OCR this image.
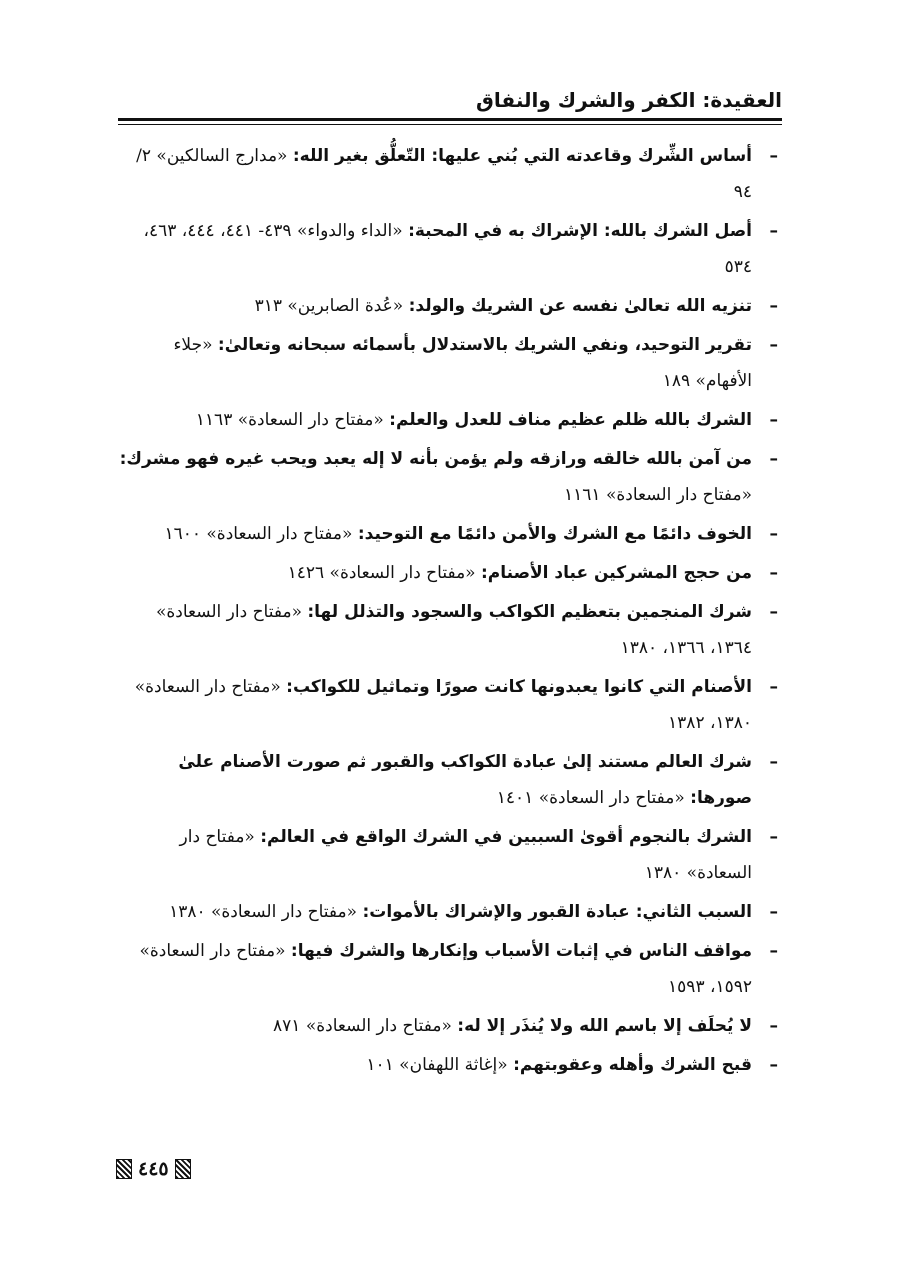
العقيدة: الكفر والشرك والنفاق
–
أساس الشِّرك وقاعدته التي بُني عليها: التّعلُّق بغير الله: «مدارج السالكين» ٢/ ٩٤
–
أصل الشرك بالله: الإشراك به في المحبة: «الداء والدواء» ٤٣٩- ٤٤١، ٤٤٤، ٤٦٣، ٥٣٤
–
تنزيه الله تعالىٰ نفسه عن الشريك والولد: «عُدة الصابرين» ٣١٣
–
تقرير التوحيد، ونفي الشريك بالاستدلال بأسمائه سبحانه وتعالىٰ: «جلاء الأفهام» ١٨٩
–
الشرك بالله ظلم عظيم مناف للعدل والعلم: «مفتاح دار السعادة» ١١٦٣
–
من آمن بالله خالقه ورازقه ولم يؤمن بأنه لا إله يعبد ويحب غيره فهو مشرك: «مفتاح دار السعادة» ١١٦١
–
الخوف دائمًا مع الشرك والأمن دائمًا مع التوحيد: «مفتاح دار السعادة» ١٦٠٠
–
من حجج المشركين عباد الأصنام: «مفتاح دار السعادة» ١٤٢٦
–
شرك المنجمين بتعظيم الكواكب والسجود والتذلل لها: «مفتاح دار السعادة» ١٣٦٤، ١٣٦٦، ١٣٨٠
–
الأصنام التي كانوا يعبدونها كانت صورًا وتماثيل للكواكب: «مفتاح دار السعادة» ١٣٨٠، ١٣٨٢
–
شرك العالم مستند إلىٰ عبادة الكواكب والقبور ثم صورت الأصنام علىٰ صورها: «مفتاح دار السعادة» ١٤٠١
–
الشرك بالنجوم أقوىٰ السببين في الشرك الواقع في العالم: «مفتاح دار السعادة» ١٣٨٠
–
السبب الثاني: عبادة القبور والإشراك بالأموات: «مفتاح دار السعادة» ١٣٨٠
–
مواقف الناس في إثبات الأسباب وإنكارها والشرك فيها: «مفتاح دار السعادة» ١٥٩٢، ١٥٩٣
–
لا يُحلَف إلا باسم الله ولا يُنذَر إلا له: «مفتاح دار السعادة» ٨٧١
–
قبح الشرك وأهله وعقوبتهم: «إغاثة اللهفان» ١٠١
٤٤٥
